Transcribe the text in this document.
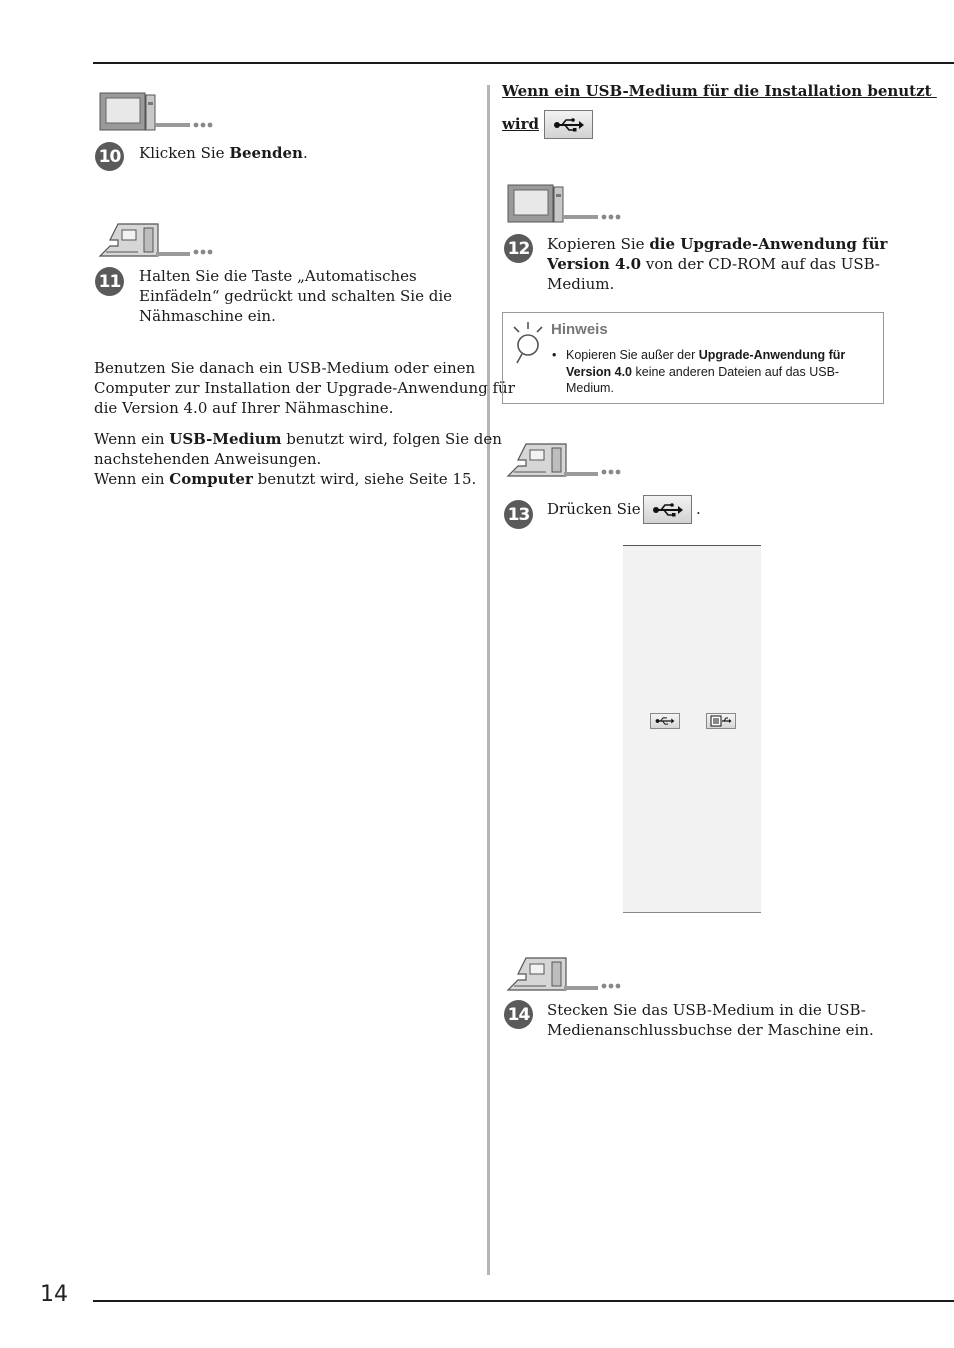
14
10 Klicken Sie Beenden.
11 Halten Sie die Taste „Automatisches
Einfädeln“ gedrückt und schalten Sie die
Nähmaschine ein.
Benutzen Sie danach ein USB-Medium oder einen
Computer zur Installation der Upgrade-Anwendung für
die Version 4.0 auf Ihrer Nähmaschine.
Wenn ein USB-Medium benutzt wird, folgen Sie den
nachstehenden Anweisungen.
Wenn ein Computer benutzt wird, siehe Seite 15.
Wenn ein USB-Medium für die Installation benutzt
wird
12 Kopieren Sie die Upgrade-Anwendung für
Version 4.0 von der CD-ROM auf das USB-
Medium.
Hinweis
• Kopieren Sie außer der Upgrade-Anwendung für
Version 4.0 keine anderen Dateien auf das USB-
Medium.
13 Drücken Sie	.
14 Stecken Sie das USB-Medium in die USB-
Medienanschlussbuchse der Maschine ein.
